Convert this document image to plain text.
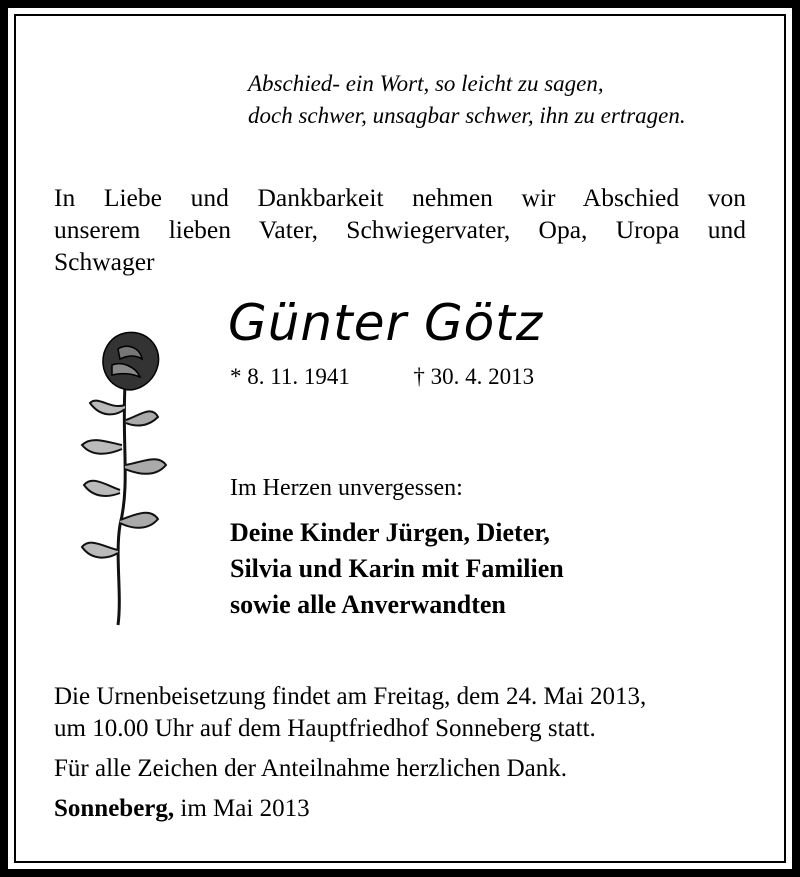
Abschied- ein Wort, so leicht zu sagen,
doch schwer, unsagbar schwer, ihn zu ertragen.
In Liebe und Dankbarkeit nehmen wir Abschied von
unserem lieben Vater, Schwiegervater, Opa, Uropa und
Schwager
Günter Götz
* 8. 11. 1941	† 30. 4. 2013
Im Herzen unvergessen:
Deine Kinder Jürgen, Dieter,
Silvia und Karin mit Familien
sowie alle Anverwandten
Die Urnenbeisetzung findet am Freitag, dem 24. Mai 2013,
um 10.00 Uhr auf dem Hauptfriedhof Sonneberg statt.
Für alle Zeichen der Anteilnahme herzlichen Dank.
Sonneberg, im Mai 2013
